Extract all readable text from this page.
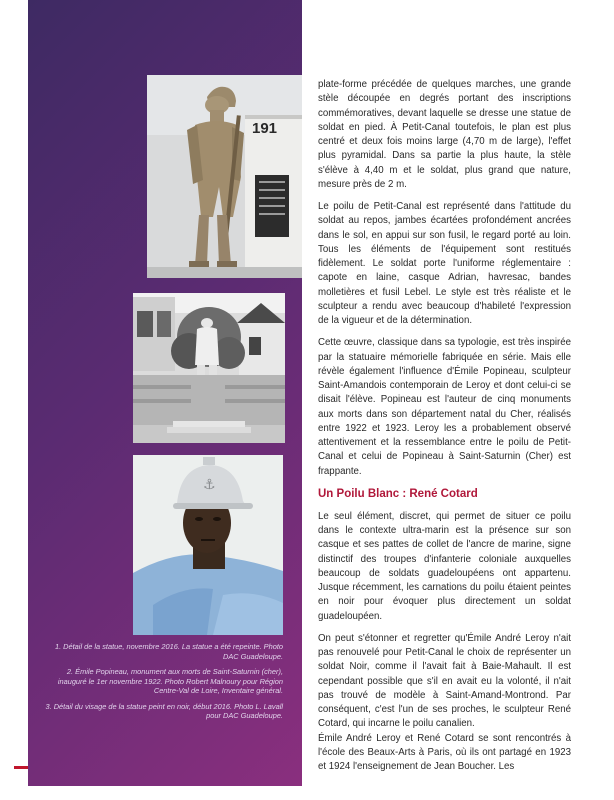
191
⚓

1. Détail de la statue, novembre 2016. La statue a été repeinte. Photo DAC Guadeloupe.

2. Émile Popineau, monument aux morts de Saint-Saturnin (cher), inauguré le 1er novembre 1922. Photo Robert Malnoury pour Région Centre-Val de Loire, Inventaire général.

3. Détail du visage de la statue peint en noir, début 2016. Photo L. Lavall pour DAC Guadeloupe.

plate-forme précédée de quelques marches, une grande stèle découpée en degrés portant des inscriptions commémoratives, devant laquelle se dresse une statue de soldat en pied. À Petit-Canal toutefois, le plan est plus centré et deux fois moins large (4,70 m de large), l'effet plus pyramidal. Dans sa partie la plus haute, la stèle s'élève à 4,40 m et le soldat, plus grand que nature, mesure près de 2 m.

Le poilu de Petit-Canal est représenté dans l'attitude du soldat au repos, jambes écartées profondément ancrées dans le sol, en appui sur son fusil, le regard porté au loin. Tous les éléments de l'équipement sont restitués fidèlement. Le soldat porte l'uniforme réglementaire : capote en laine, casque Adrian, havresac, bandes molletières et fusil Lebel. Le style est très réaliste et le sculpteur a rendu avec beaucoup d'habileté l'expression de la vigueur et de la détermination.

Cette œuvre, classique dans sa typologie, est très inspirée par la statuaire mémorielle fabriquée en série. Mais elle révèle également l'influence d'Émile Popineau, sculpteur Saint-Amandois contemporain de Leroy et dont celui-ci se disait l'élève. Popineau est l'auteur de cinq monuments aux morts dans son département natal du Cher, réalisés entre 1922 et 1923. Leroy les a probablement observé attentivement et la ressemblance entre le poilu de Petit-Canal et celui de Popineau à Saint-Saturnin (Cher) est frappante.

Un Poilu Blanc : René Cotard

Le seul élément, discret, qui permet de situer ce poilu dans le contexte ultra-marin est la présence sur son casque et ses pattes de collet de l'ancre de marine, signe distinctif des troupes d'infanterie coloniale auxquelles beaucoup de soldats guadeloupéens ont appartenu. Jusque récemment, les carnations du poilu étaient peintes en noir pour évoquer plus directement un soldat guadeloupéen.

On peut s'étonner et regretter qu'Émile André Leroy n'ait pas renouvelé pour Petit-Canal le choix de représenter un soldat Noir, comme il l'avait fait à Baie-Mahault. Il est cependant possible que s'il en avait eu la volonté, il n'ait pas trouvé de modèle à Saint-Amand-Montrond. Par conséquent, c'est l'un de ses proches, le sculpteur René Cotard, qui incarne le poilu canalien.

Émile André Leroy et René Cotard se sont rencontrés à l'école des Beaux-Arts à Paris, où ils ont partagé en 1923 et 1924 l'enseignement de Jean Boucher. Les
